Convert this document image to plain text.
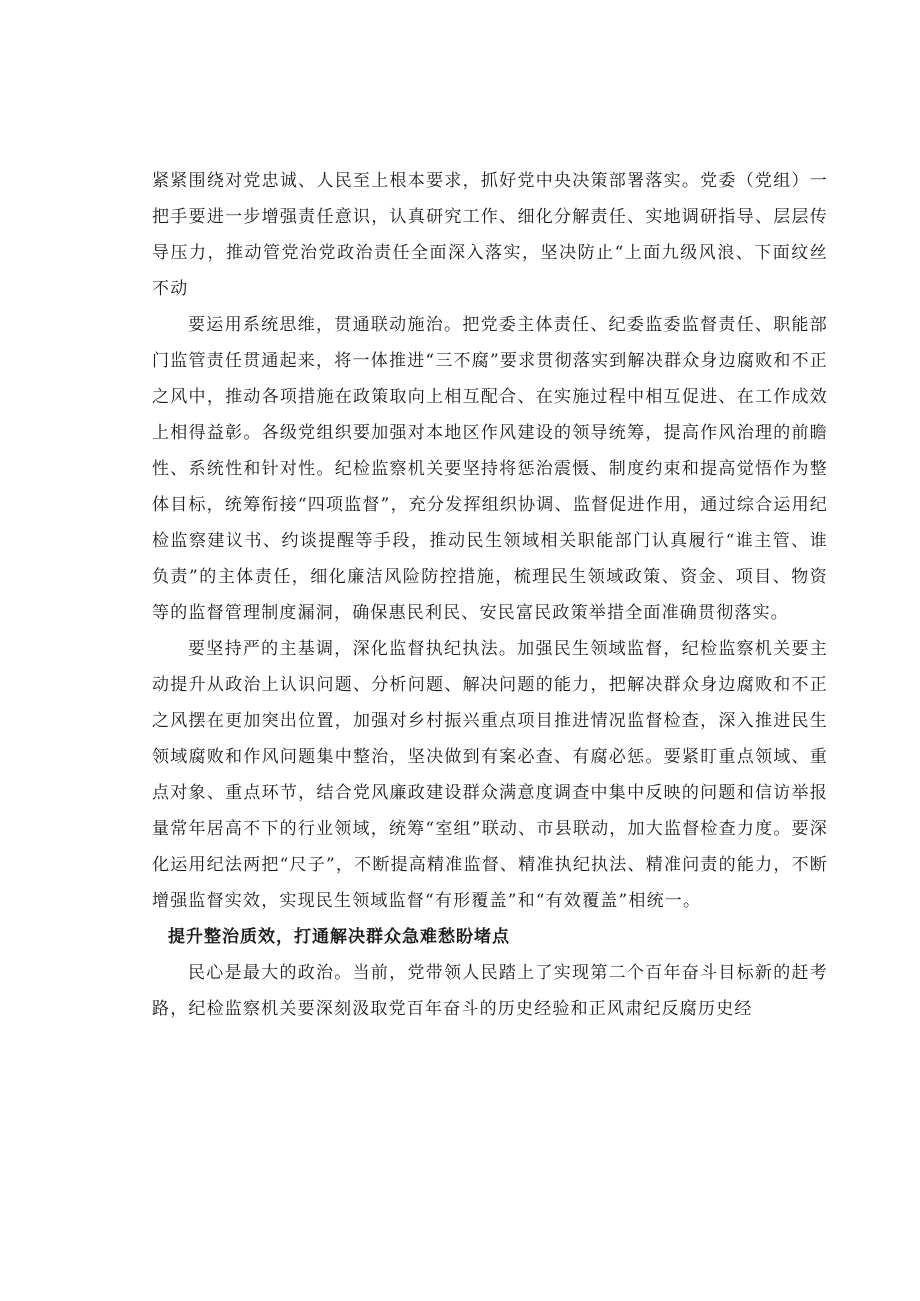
紧紧围绕对党忠诚、人民至上根本要求，抓好党中央决策部署落实。党委（党组）一把手要进一步增强责任意识，认真研究工作、细化分解责任、实地调研指导、层层传导压力，推动管党治党政治责任全面深入落实，坚决防止“上面九级风浪、下面纹丝不动

要运用系统思维，贯通联动施治。把党委主体责任、纪委监委监督责任、职能部门监管责任贯通起来，将一体推进“三不腐”要求贯彻落实到解决群众身边腐败和不正之风中，推动各项措施在政策取向上相互配合、在实施过程中相互促进、在工作成效上相得益彰。各级党组织要加强对本地区作风建设的领导统筹，提高作风治理的前瞻性、系统性和针对性。纪检监察机关要坚持将惩治震慑、制度约束和提高觉悟作为整体目标，统筹衔接“四项监督”，充分发挥组织协调、监督促进作用，通过综合运用纪检监察建议书、约谈提醒等手段，推动民生领域相关职能部门认真履行“谁主管、谁负责”的主体责任，细化廉洁风险防控措施，梳理民生领域政策、资金、项目、物资等的监督管理制度漏洞，确保惠民利民、安民富民政策举措全面准确贯彻落实。

要坚持严的主基调，深化监督执纪执法。加强民生领域监督，纪检监察机关要主动提升从政治上认识问题、分析问题、解决问题的能力，把解决群众身边腐败和不正之风摆在更加突出位置，加强对乡村振兴重点项目推进情况监督检查，深入推进民生领域腐败和作风问题集中整治，坚决做到有案必查、有腐必惩。要紧盯重点领域、重点对象、重点环节，结合党风廉政建设群众满意度调查中集中反映的问题和信访举报量常年居高不下的行业领域，统筹“室组”联动、市县联动，加大监督检查力度。要深化运用纪法两把“尺子”，不断提高精准监督、精准执纪执法、精准问责的能力，不断增强监督实效，实现民生领域监督“有形覆盖”和“有效覆盖”相统一。

提升整治质效，打通解决群众急难愁盼堵点

民心是最大的政治。当前，党带领人民踏上了实现第二个百年奋斗目标新的赶考路，纪检监察机关要深刻汲取党百年奋斗的历史经验和正风肃纪反腐历史经
